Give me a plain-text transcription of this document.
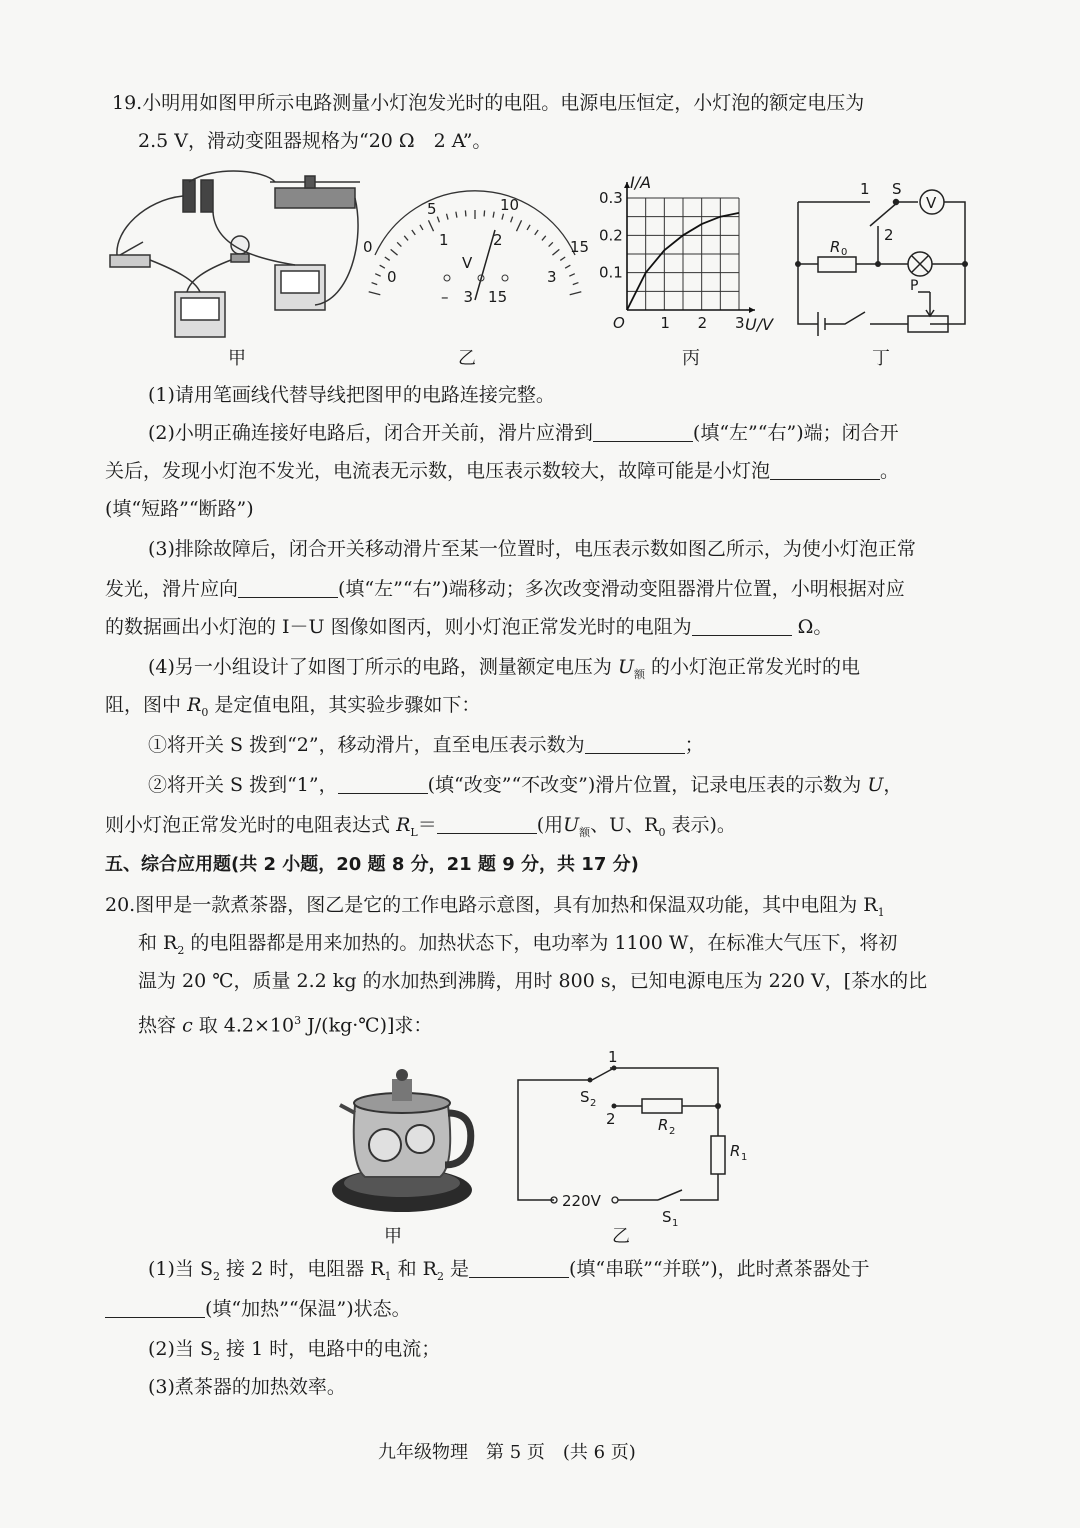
19.小明用如图甲所示电路测量小灯泡发光时的电阻。电源电压恒定，小灯泡的额定电压为
2.5 V，滑动变阻器规格为“20 Ω　2 A”。
0
5	10
15
0
1	2
3
V
–　3　15
I/A
U/V
O 1 2 3
0.1
0.2
0.3	1 S
2
V
R 0
P
甲	乙	丙	丁
(1)请用笔画线代替导线把图甲的电路连接完整。
(2)小明正确连接好电路后，闭合开关前，滑片应滑到	(填“左”“右”)端；闭合开
关后，发现小灯泡不发光，电流表无示数，电压表示数较大，故障可能是小灯泡	。
(填“短路”“断路”)
(3)排除故障后，闭合开关移动滑片至某一位置时，电压表示数如图乙所示，为使小灯泡正常
发光，滑片应向	(填“左”“右”)端移动；多次改变滑动变阻器滑片位置，小明根据对应
的数据画出小灯泡的 I－U 图像如图丙，则小灯泡正常发光时的电阻为	Ω。
(4)另一小组设计了如图丁所示的电路，测量额定电压为 $U_额$ 的小灯泡正常发光时的电
阻，图中 $R_0$ 是定值电阻，其实验步骤如下：
①将开关 S 拨到“2”，移动滑片，直至电压表示数为	；
②将开关 S 拨到“1”，	(填“改变”“不改变”)滑片位置，记录电压表的示数为 U，
则小灯泡正常发光时的电阻表达式 $R_L=$	(用$U_额$、U、$R_0$ 表示)。
五、综合应用题(共 2 小题，20 题 8 分，21 题 9 分，共 17 分)
20.图甲是一款煮茶器，图乙是它的工作电路示意图，具有加热和保温双功能，其中电阻为 $R_1$
和 $R_2$ 的电阻器都是用来加热的。加热状态下，电功率为 1100 W，在标准大气压下，将初
温为 20 ℃，质量 2.2 kg 的水加热到沸腾，用时 800 s，已知电源电压为 220 V，[茶水的比
热容 c 取 $4.2\times 10^3$ J/(kg·℃)]求：
1
S 2
2	R 2
R 1
220V
S 1
甲	乙
(1)当 $S_2$ 接 2 时，电阻器 $R_1$ 和 $R_2$ 是	(填“串联”“并联”)，此时煮茶器处于
(填“加热”“保温”)状态。
(2)当 $S_2$ 接 1 时，电路中的电流；
(3)煮茶器的加热效率。
九年级物理　第 5 页　(共 6 页)
